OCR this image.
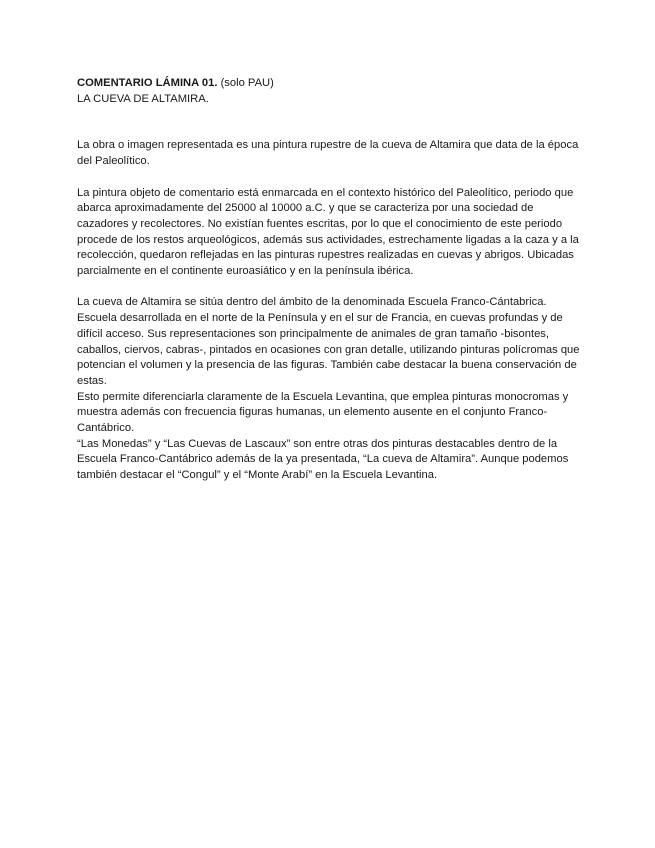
COMENTARIO LÁMINA 01. (solo PAU)

LA CUEVA DE ALTAMIRA.

La obra o imagen representada es una pintura rupestre de la cueva de Altamira que data de la época del Paleolítico.

La pintura objeto de comentario está enmarcada en el contexto histórico del Paleolítico, periodo que abarca aproximadamente del 25000 al 10000 a.C. y que se caracteriza por una sociedad de cazadores y recolectores. No existían fuentes escritas, por lo que el conocimiento de este periodo procede de los restos arqueológicos, además sus actividades, estrechamente ligadas a la caza y a la recolección, quedaron reflejadas en las pinturas rupestres realizadas en cuevas y abrigos. Ubicadas parcialmente en el continente euroasiático y en la península ibérica.

La cueva de Altamira se sitúa dentro del ámbito de la denominada Escuela Franco-Cántabrica. Escuela desarrollada en el norte de la Península y en el sur de Francia, en cuevas profundas y de difícil acceso. Sus representaciones son principalmente de animales de gran tamaño -bisontes, caballos, ciervos, cabras-, pintados en ocasiones con gran detalle, utilizando pinturas polícromas que potencian el volumen y la presencia de las figuras. También cabe destacar la buena conservación de estas.

Esto permite diferenciarla claramente de la Escuela Levantina, que emplea pinturas monocromas y muestra además con frecuencia figuras humanas, un elemento ausente en el conjunto Franco-Cantábrico.

“Las Monedas” y “Las Cuevas de Lascaux” son entre otras dos pinturas destacables dentro de la Escuela Franco-Cantábrico además de la ya presentada, “La cueva de Altamira”. Aunque podemos también destacar el “Congul” y el “Monte Arabí” en la Escuela Levantina.
